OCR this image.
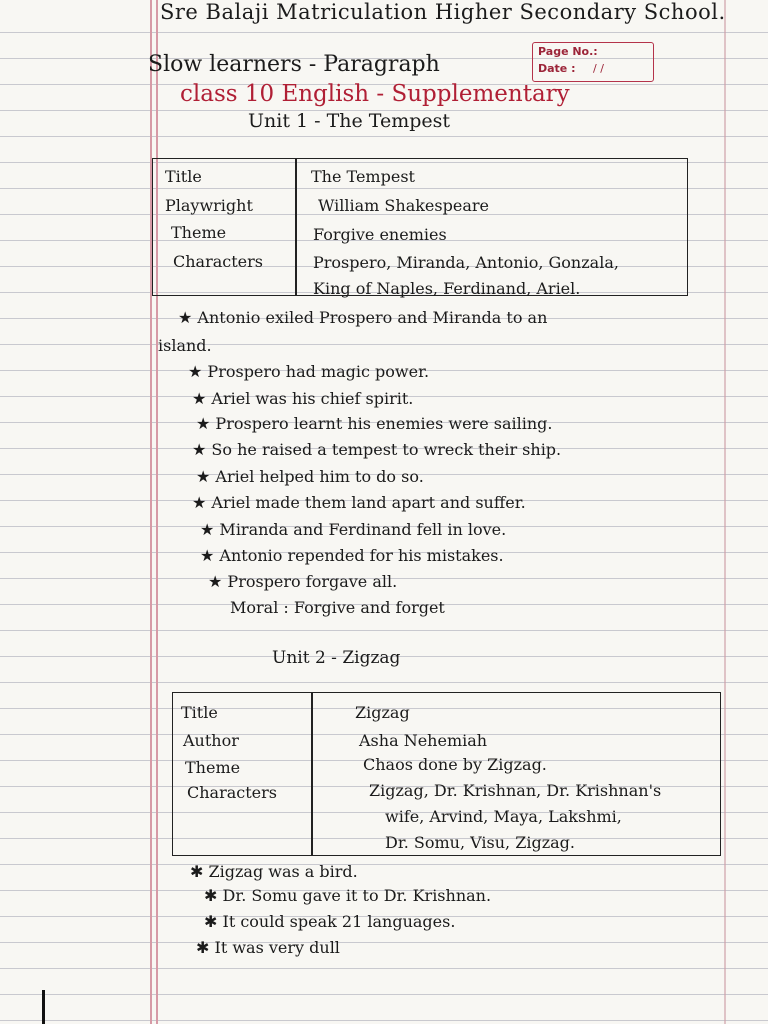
Sre Balaji Matriculation Higher Secondary School.
Slow learners - Paragraph
class 10 English - Supplementary
Page No.:
Date : / /
Unit 1 - The Tempest
Title	The Tempest
Playwright	William Shakespeare
Theme	Forgive enemies
Characters	Prospero, Miranda, Antonio, Gonzala,
King of Naples, Ferdinand, Ariel.
★ Antonio exiled Prospero and Miranda to an
island.
★ Prospero had magic power.
★ Ariel was his chief spirit.
★ Prospero learnt his enemies were sailing.
★ So he raised a tempest to wreck their ship.
★ Ariel helped him to do so.
★ Ariel made them land apart and suffer.
★ Miranda and Ferdinand fell in love.
★ Antonio repended for his mistakes.
★ Prospero forgave all.
Moral : Forgive and forget
Unit 2 - Zigzag
Title	Zigzag
Author	Asha Nehemiah
Theme	Chaos done by Zigzag.
Characters	Zigzag, Dr. Krishnan, Dr. Krishnan's
wife, Arvind, Maya, Lakshmi,
Dr. Somu, Visu, Zigzag.
✱ Zigzag was a bird.
✱ Dr. Somu gave it to Dr. Krishnan.
✱ It could speak 21 languages.
✱ It was very dull
